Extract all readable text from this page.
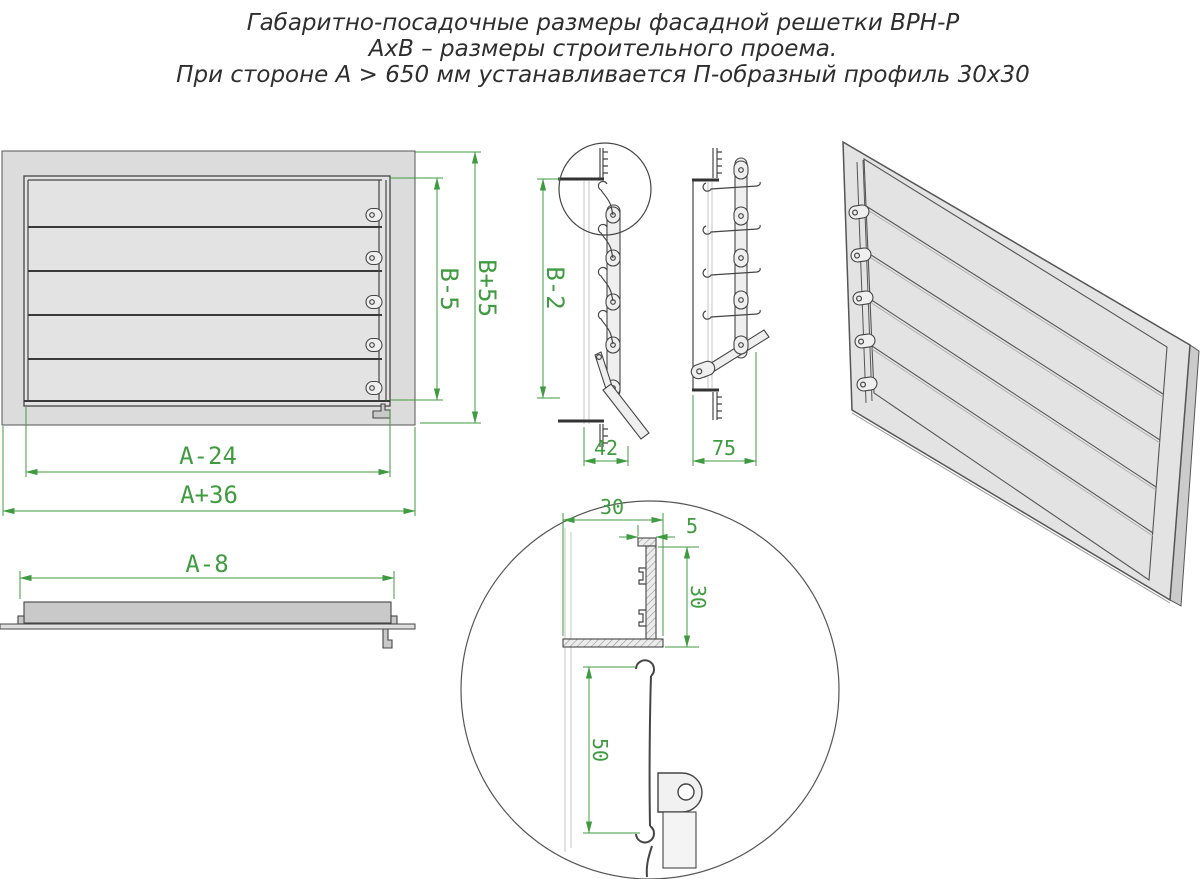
Габаритно-посадочные размеры фасадной решетки ВРН-Р
АхВ – размеры строительного проема.
При стороне А > 650 мм устанавливается П-образный профиль 30х30
B-5 B+55
A-24
A+36
B-2
42	75
A-8
30
5
30
50
